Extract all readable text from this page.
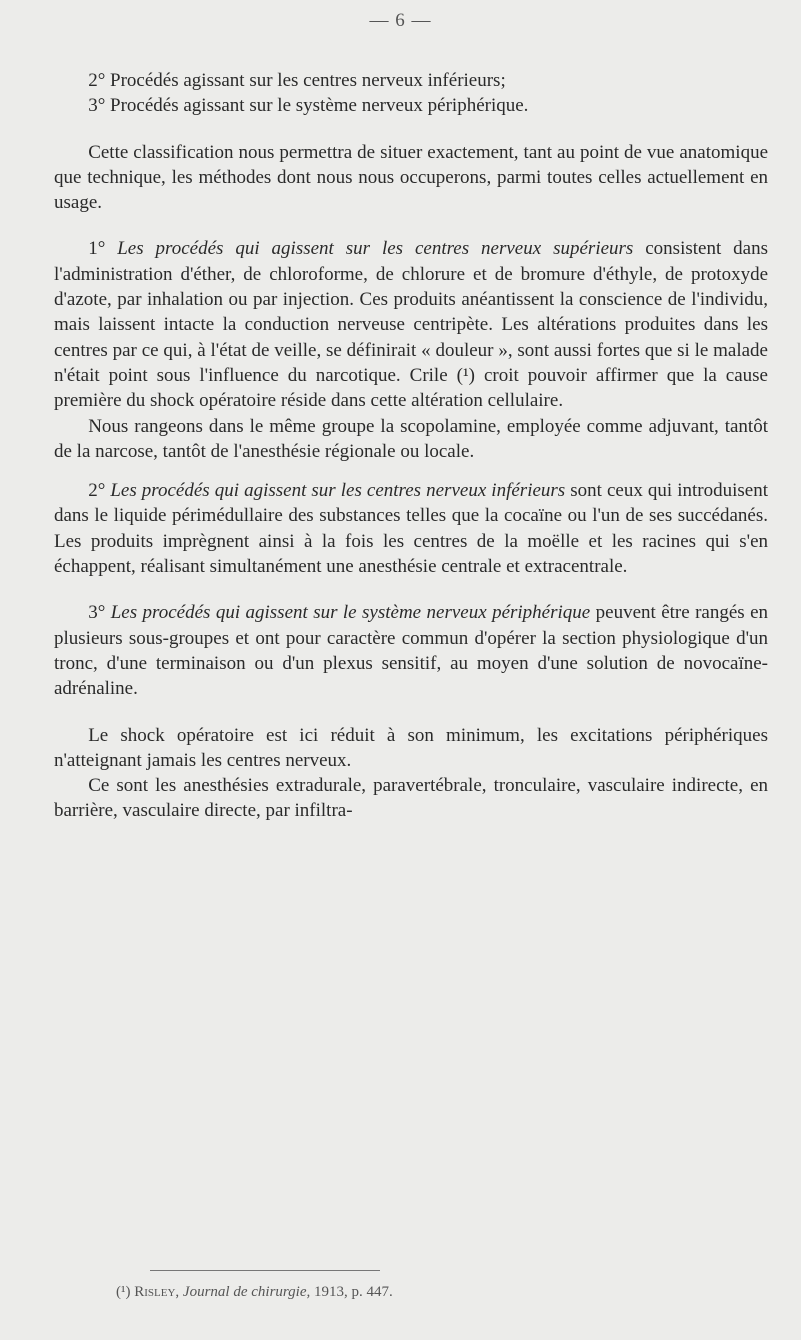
— 6 —

2° Procédés agissant sur les centres nerveux inférieurs;

3° Procédés agissant sur le système nerveux périphérique.

Cette classification nous permettra de situer exactement, tant au point de vue anatomique que technique, les méthodes dont nous nous occuperons, parmi toutes celles actuellement en usage.

1° Les procédés qui agissent sur les centres nerveux supérieurs consistent dans l'administration d'éther, de chloroforme, de chlorure et de bromure d'éthyle, de protoxyde d'azote, par inhalation ou par injection. Ces produits anéantissent la conscience de l'individu, mais laissent intacte la conduction nerveuse centripète. Les altérations produites dans les centres par ce qui, à l'état de veille, se définirait « douleur », sont aussi fortes que si le malade n'était point sous l'influence du narcotique. Crile (¹) croit pouvoir affirmer que la cause première du shock opératoire réside dans cette altération cellulaire.

Nous rangeons dans le même groupe la scopolamine, employée comme adjuvant, tantôt de la narcose, tantôt de l'anesthésie régionale ou locale.

2° Les procédés qui agissent sur les centres nerveux inférieurs sont ceux qui introduisent dans le liquide périmédullaire des substances telles que la cocaïne ou l'un de ses succédanés. Les produits imprègnent ainsi à la fois les centres de la moëlle et les racines qui s'en échappent, réalisant simultanément une anesthésie centrale et extracentrale.

3° Les procédés qui agissent sur le système nerveux périphérique peuvent être rangés en plusieurs sous-groupes et ont pour caractère commun d'opérer la section physiologique d'un tronc, d'une terminaison ou d'un plexus sensitif, au moyen d'une solution de novocaïne-adrénaline.

Le shock opératoire est ici réduit à son minimum, les excitations périphériques n'atteignant jamais les centres nerveux.

Ce sont les anesthésies extradurale, paravertébrale, tronculaire, vasculaire indirecte, en barrière, vasculaire directe, par infiltra-

(¹) Risley, Journal de chirurgie, 1913, p. 447.
